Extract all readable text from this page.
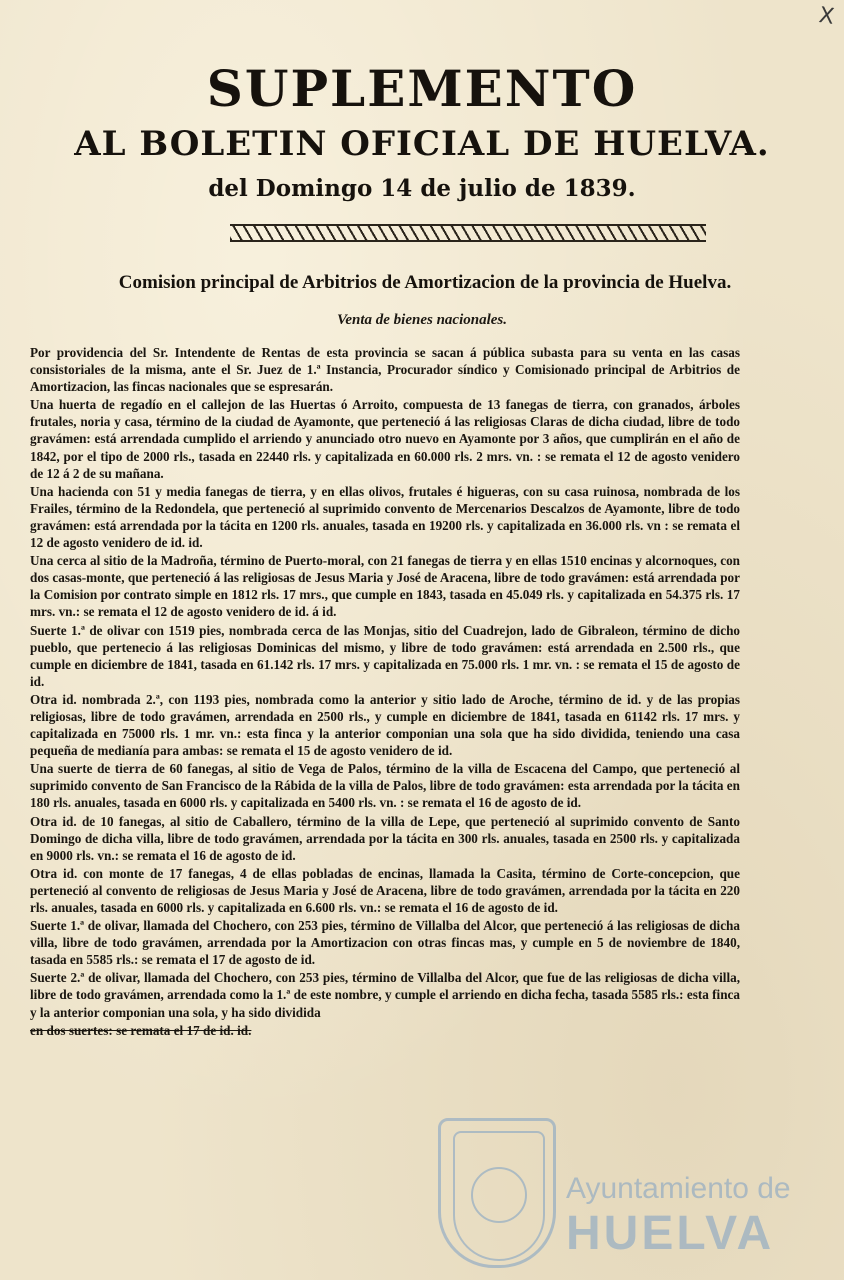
X
SUPLEMENTO
AL BOLETIN OFICIAL DE HUELVA.
del Domingo 14 de julio de 1839.
Comision principal de Arbitrios de Amortizacion de la provincia de Huelva.
Venta de bienes nacionales.

Por providencia del Sr. Intendente de Rentas de esta provincia se sacan á pública subasta para su venta en las casas consistoriales de la misma, ante el Sr. Juez de 1.ª Instancia, Procurador síndico y Comisionado principal de Arbitrios de Amortizacion, las fincas nacionales que se espresarán.

Una huerta de regadío en el callejon de las Huertas ó Arroito, compuesta de 13 fanegas de tierra, con granados, árboles frutales, noria y casa, término de la ciudad de Ayamonte, que perteneció á las religiosas Claras de dicha ciudad, libre de todo gravámen: está arrendada cumplido el arriendo y anunciado otro nuevo en Ayamonte por 3 años, que cumplirán en el año de 1842, por el tipo de 2000 rls., tasada en 22440 rls. y capitalizada en 60.000 rls. 2 mrs. vn. : se remata el 12 de agosto venidero de 12 á 2 de su mañana.

Una hacienda con 51 y media fanegas de tierra, y en ellas olivos, frutales é higueras, con su casa ruinosa, nombrada de los Frailes, término de la Redondela, que perteneció al suprimido convento de Mercenarios Descalzos de Ayamonte, libre de todo gravámen: está arrendada por la tácita en 1200 rls. anuales, tasada en 19200 rls. y capitalizada en 36.000 rls. vn : se remata el 12 de agosto venidero de id. id.

Una cerca al sitio de la Madroña, término de Puerto-moral, con 21 fanegas de tierra y en ellas 1510 encinas y alcornoques, con dos casas-monte, que perteneció á las religiosas de Jesus Maria y José de Aracena, libre de todo gravámen: está arrendada por la Comision por contrato simple en 1812 rls. 17 mrs., que cumple en 1843, tasada en 45.049 rls. y capitalizada en 54.375 rls. 17 mrs. vn.: se remata el 12 de agosto venidero de id. á id.

Suerte 1.ª de olivar con 1519 pies, nombrada cerca de las Monjas, sitio del Cuadrejon, lado de Gibraleon, término de dicho pueblo, que pertenecio á las religiosas Dominicas del mismo, y libre de todo gravámen: está arrendada en 2.500 rls., que cumple en diciembre de 1841, tasada en 61.142 rls. 17 mrs. y capitalizada en 75.000 rls. 1 mr. vn. : se remata el 15 de agosto de id.

Otra id. nombrada 2.ª, con 1193 pies, nombrada como la anterior y sitio lado de Aroche, término de id. y de las propias religiosas, libre de todo gravámen, arrendada en 2500 rls., y cumple en diciembre de 1841, tasada en 61142 rls. 17 mrs. y capitalizada en 75000 rls. 1 mr. vn.: esta finca y la anterior componian una sola que ha sido dividida, teniendo una casa pequeña de medianía para ambas: se remata el 15 de agosto venidero de id.

Una suerte de tierra de 60 fanegas, al sitio de Vega de Palos, término de la villa de Escacena del Campo, que perteneció al suprimido convento de San Francisco de la Rábida de la villa de Palos, libre de todo gravámen: esta arrendada por la tácita en 180 rls. anuales, tasada en 6000 rls. y capitalizada en 5400 rls. vn. : se remata el 16 de agosto de id.

Otra id. de 10 fanegas, al sitio de Caballero, término de la villa de Lepe, que perteneció al suprimido convento de Santo Domingo de dicha villa, libre de todo gravámen, arrendada por la tácita en 300 rls. anuales, tasada en 2500 rls. y capitalizada en 9000 rls. vn.: se remata el 16 de agosto de id.

Otra id. con monte de 17 fanegas, 4 de ellas pobladas de encinas, llamada la Casita, término de Corte-concepcion, que perteneció al convento de religiosas de Jesus Maria y José de Aracena, libre de todo gravámen, arrendada por la tácita en 220 rls. anuales, tasada en 6000 rls. y capitalizada en 6.600 rls. vn.: se remata el 16 de agosto de id.

Suerte 1.ª de olivar, llamada del Chochero, con 253 pies, término de Villalba del Alcor, que perteneció á las religiosas de dicha villa, libre de todo gravámen, arrendada por la Amortizacion con otras fincas mas, y cumple en 5 de noviembre de 1840, tasada en 5585 rls.: se remata el 17 de agosto de id.

Suerte 2.ª de olivar, llamada del Chochero, con 253 pies, término de Villalba del Alcor, que fue de las religiosas de dicha villa, libre de todo gravámen, arrendada como la 1.ª de este nombre, y cumple el arriendo en dicha fecha, tasada 5585 rls.: esta finca y la anterior componian una sola, y ha sido dividida

en dos suertes: se remata el 17 de id. id.

Ayuntamiento de
HUELVA
